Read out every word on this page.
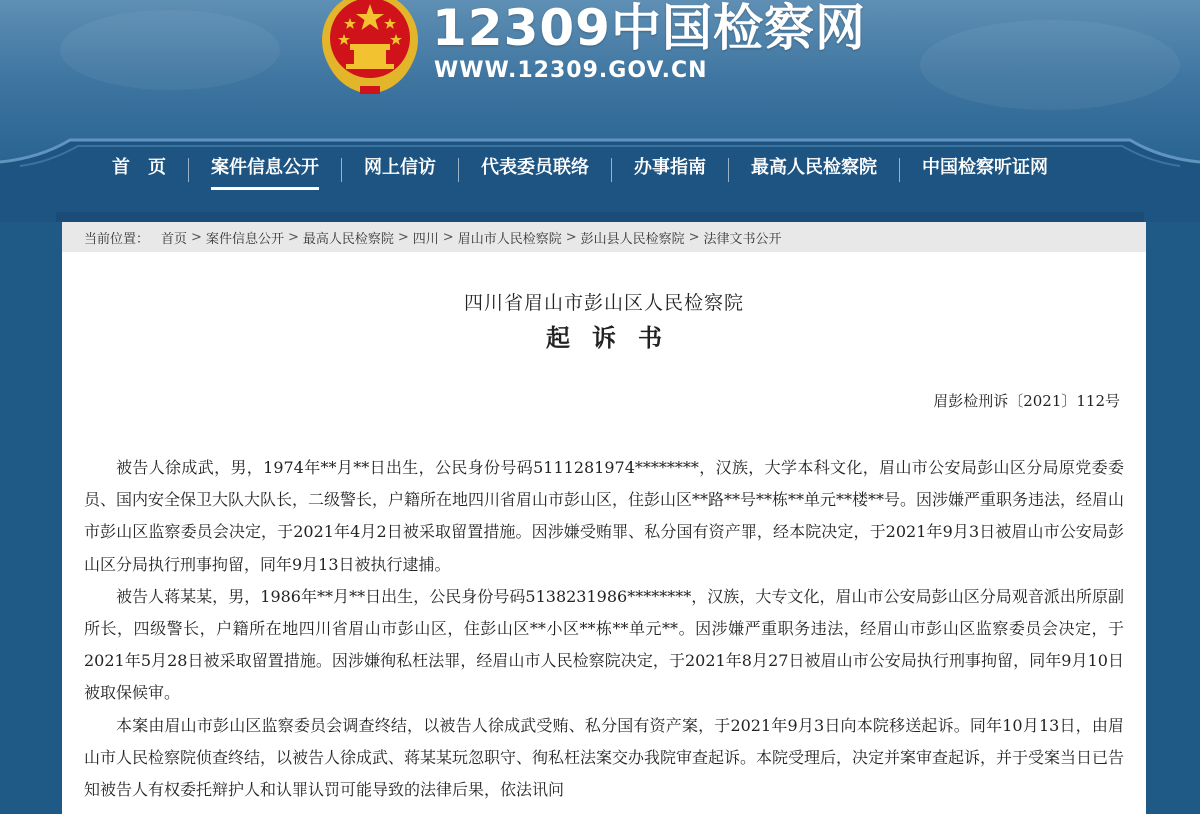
12309中国检察网
WWW.12309.GOV.CN
首　页	案件信息公开	网上信访	代表委员联络	办事指南	最高人民检察院	中国检察听证网
当前位置： 首页 > 案件信息公开 > 最高人民检察院 > 四川 > 眉山市人民检察院 > 彭山县人民检察院 > 法律文书公开
四川省眉山市彭山区人民检察院
起诉书
眉彭检刑诉〔2021〕112号

被告人徐成武，男，1974年**月**日出生，公民身份号码5111281974********，汉族，大学本科文化，眉山市公安局彭山区分局原党委委员、国内安全保卫大队大队长，二级警长，户籍所在地四川省眉山市彭山区，住彭山区**路**号**栋**单元**楼**号。因涉嫌严重职务违法，经眉山市彭山区监察委员会决定，于2021年4月2日被采取留置措施。因涉嫌受贿罪、私分国有资产罪，经本院决定，于2021年9月3日被眉山市公安局彭山区分局执行刑事拘留，同年9月13日被执行逮捕。

被告人蒋某某，男，1986年**月**日出生，公民身份号码5138231986********，汉族，大专文化，眉山市公安局彭山区分局观音派出所原副所长，四级警长，户籍所在地四川省眉山市彭山区，住彭山区**小区**栋**单元**。因涉嫌严重职务违法，经眉山市彭山区监察委员会决定，于2021年5月28日被采取留置措施。因涉嫌徇私枉法罪，经眉山市人民检察院决定，于2021年8月27日被眉山市公安局执行刑事拘留，同年9月10日被取保候审。

本案由眉山市彭山区监察委员会调查终结，以被告人徐成武受贿、私分国有资产案，于2021年9月3日向本院移送起诉。同年10月13日，由眉山市人民检察院侦查终结，以被告人徐成武、蒋某某玩忽职守、徇私枉法案交办我院审查起诉。本院受理后，决定并案审查起诉，并于受案当日已告知被告人有权委托辩护人和认罪认罚可能导致的法律后果，依法讯问
